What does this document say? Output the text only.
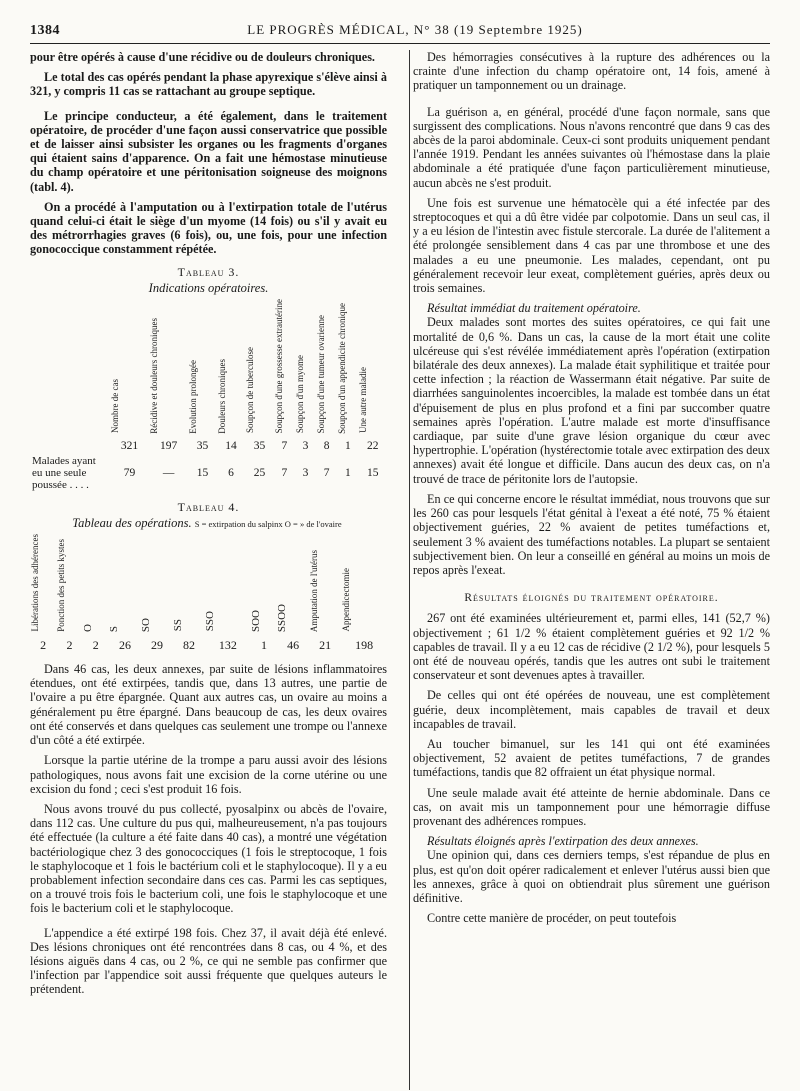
1384	LE PROGRÈS MÉDICAL, N° 38 (19 Septembre 1925)

pour être opérés à cause d'une récidive ou de douleurs chroniques.

Le total des cas opérés pendant la phase apyrexique s'élève ainsi à 321, y compris 11 cas se rattachant au groupe septique.

Le principe conducteur, a été également, dans le traitement opératoire, de procéder d'une façon aussi conservatrice que possible et de laisser ainsi subsister les organes ou les fragments d'organes qui étaient sains d'apparence. On a fait une hémostase minutieuse du champ opératoire et une péritonisation soigneuse des moignons (tabl. 4).

On a procédé à l'amputation ou à l'extirpation totale de l'utérus quand celui-ci était le siège d'un myome (14 fois) ou s'il y avait eu des métrorrhagies graves (6 fois), ou, une fois, pour une infection gonococcique constamment répétée.

Tableau 3.
Indications opératoires.
	Nombre de cas	Récidive et douleurs chroniques	Evolution prolongée	Douleurs chroniques	Soupçon de tuberculose	Soupçon d'une grossesse extrautérine	Soupçon d'un myome	Soupçon d'une tumeur ovarienne	Soupçon d'un appendicite chronique	Une autre maladie
	321	197	35	14	35	7	3	8	1	22
Malades ayant eu une seule poussée . . . .	79	—	15	6	25	7	3	7	1	15
Tableau 4.
Tableau des opérations. S = extirpation du salpinx O = » de l'ovaire
Libérations des adhérences	Ponction des petits kystes	O	S	SO	SS	SSO	SOO	SSOO	Amputation de l'utérus	Appendicectomie
2	2	2	26	29	82	132	1	46	21	198

Dans 46 cas, les deux annexes, par suite de lésions inflammatoires étendues, ont été extirpées, tandis que, dans 13 autres, une partie de l'ovaire a pu être épargnée. Quant aux autres cas, un ovaire au moins a généralement pu être épargné. Dans beaucoup de cas, les deux ovaires ont été conservés et dans quelques cas seulement une trompe ou l'annexe d'un côté a été extirpée.

Lorsque la partie utérine de la trompe a paru aussi avoir des lésions pathologiques, nous avons fait une excision de la corne utérine ou une excision du fond ; ceci s'est produit 16 fois.

Nous avons trouvé du pus collecté, pyosalpinx ou abcès de l'ovaire, dans 112 cas. Une culture du pus qui, malheureusement, n'a pas toujours été effectuée (la culture a été faite dans 40 cas), a montré une végétation bactériologique chez 3 des gonococciques (1 fois le streptocoque, 1 fois le staphylocoque et 1 fois le bactérium coli et le staphylocoque). Il y a eu probablement infection secondaire dans ces cas. Parmi les cas septiques, on a trouvé trois fois le bacterium coli, une fois le staphylocoque et une fois le bacterium coli et le staphylocoque.

L'appendice a été extirpé 198 fois. Chez 37, il avait déjà été enlevé. Des lésions chroniques ont été rencontrées dans 8 cas, ou 4 %, et des lésions aiguës dans 4 cas, ou 2 %, ce qui ne semble pas confirmer que l'infection par l'appendice soit aussi fréquente que quelques auteurs le prétendent.

Des hémorragies consécutives à la rupture des adhérences ou la crainte d'une infection du champ opératoire ont, 14 fois, amené à pratiquer un tamponnement ou un drainage.

La guérison a, en général, procédé d'une façon normale, sans que surgissent des complications. Nous n'avons rencontré que dans 9 cas des abcès de la paroi abdominale. Ceux-ci sont produits uniquement pendant l'année 1919. Pendant les années suivantes où l'hémostase dans la plaie abdominale a été pratiquée d'une façon particulièrement minutieuse, aucun abcès ne s'est produit.

Une fois est survenue une hématocèle qui a été infectée par des streptocoques et qui a dû être vidée par colpotomie. Dans un seul cas, il y a eu lésion de l'intestin avec fistule stercorale. La durée de l'alitement a été prolongée sensiblement dans 4 cas par une thrombose et une des malades a eu une pneumonie. Les malades, cependant, ont pu généralement recevoir leur exeat, complètement guéries, après deux ou trois semaines.

Résultat immédiat du traitement opératoire.

Deux malades sont mortes des suites opératoires, ce qui fait une mortalité de 0,6 %. Dans un cas, la cause de la mort était une colite ulcéreuse qui s'est révélée immédiatement après l'opération (extirpation bilatérale des deux annexes). La malade était syphilitique et traitée pour cette infection ; la réaction de Wassermann était négative. Par suite de diarrhées sanguinolentes incoercibles, la malade est tombée dans un état d'épuisement de plus en plus profond et a fini par succomber quatre semaines après l'opération. L'autre malade est morte d'insuffisance cardiaque, par suite d'une grave lésion organique du cœur avec hypertrophie. L'opération (hystérectomie totale avec extirpation des deux annexes) avait été longue et difficile. Dans aucun des deux cas, on n'a trouvé de trace de péritonite lors de l'autopsie.

En ce qui concerne encore le résultat immédiat, nous trouvons que sur les 260 cas pour lesquels l'état génital à l'exeat a été noté, 75 % étaient objectivement guéries, 22 % avaient de petites tuméfactions et, seulement 3 % avaient des tuméfactions notables. La plupart se sentaient subjectivement bien. On leur a conseillé en général au moins un mois de repos après l'exeat.

Résultats éloignés du traitement opératoire.

267 ont été examinées ultérieurement et, parmi elles, 141 (52,7 %) objectivement ; 61 1/2 % étaient complètement guéries et 92 1/2 % capables de travail. Il y a eu 12 cas de récidive (2 1/2 %), pour lesquels 5 ont été de nouveau opérés, tandis que les autres ont subi le traitement conservateur et sont devenues aptes à travailler.

De celles qui ont été opérées de nouveau, une est complètement guérie, deux incomplètement, mais capables de travail et deux incapables de travail.

Au toucher bimanuel, sur les 141 qui ont été examinées objectivement, 52 avaient de petites tuméfactions, 7 de grandes tuméfactions, tandis que 82 offraient un état physique normal.

Une seule malade avait été atteinte de hernie abdominale. Dans ce cas, on avait mis un tamponnement pour une hémorragie diffuse provenant des adhérences rompues.

Résultats éloignés après l'extirpation des deux annexes.

Une opinion qui, dans ces derniers temps, s'est répandue de plus en plus, est qu'on doit opérer radicalement et enlever l'utérus aussi bien que les annexes, grâce à quoi on obtiendrait plus sûrement une guérison définitive.

Contre cette manière de procéder, on peut toutefois
